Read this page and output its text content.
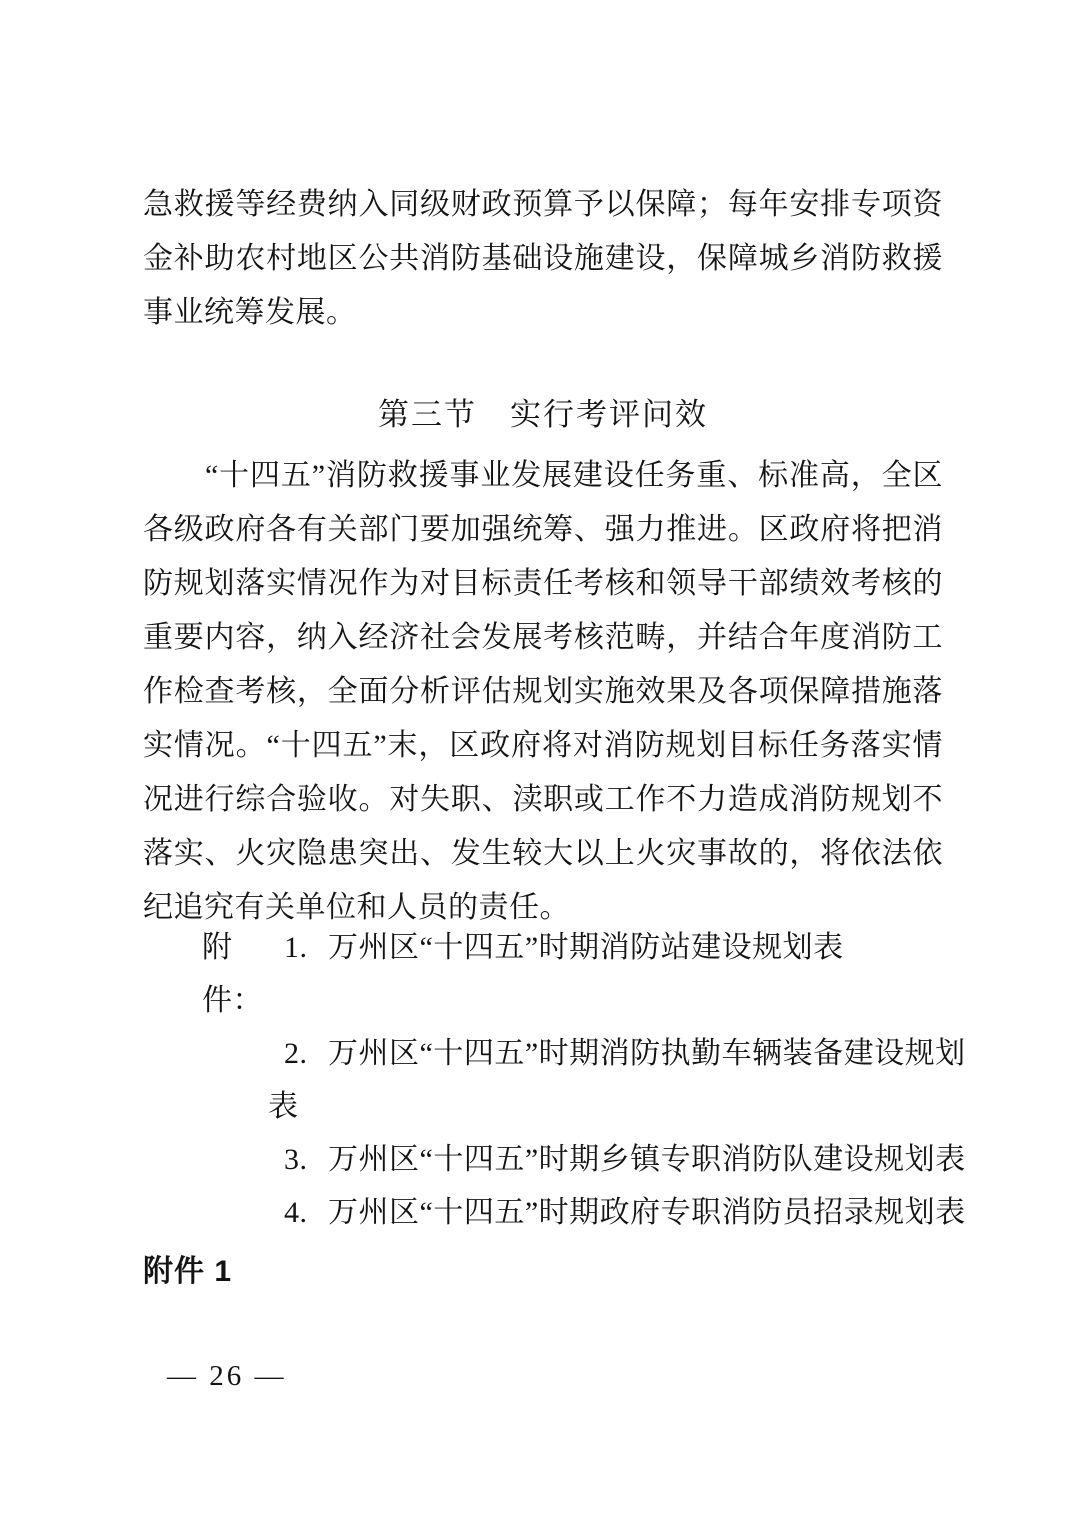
急救援等经费纳入同级财政预算予以保障；每年安排专项资金补助农村地区公共消防基础设施建设，保障城乡消防救援事业统筹发展。
第三节　实行考评问效
“十四五”消防救援事业发展建设任务重、标准高，全区各级政府各有关部门要加强统筹、强力推进。区政府将把消防规划落实情况作为对目标责任考核和领导干部绩效考核的重要内容，纳入经济社会发展考核范畴，并结合年度消防工作检查考核，全面分析评估规划实施效果及各项保障措施落实情况。“十四五”末，区政府将对消防规划目标任务落实情况进行综合验收。对失职、渎职或工作不力造成消防规划不落实、火灾隐患突出、发生较大以上火灾事故的，将依法依纪追究有关单位和人员的责任。
附件：
1. 万州区“十四五”时期消防站建设规划表
2. 万州区“十四五”时期消防执勤车辆装备建设规划
表
3. 万州区“十四五”时期乡镇专职消防队建设规划表
4. 万州区“十四五”时期政府专职消防员招录规划表
附件 1
— 26 —
